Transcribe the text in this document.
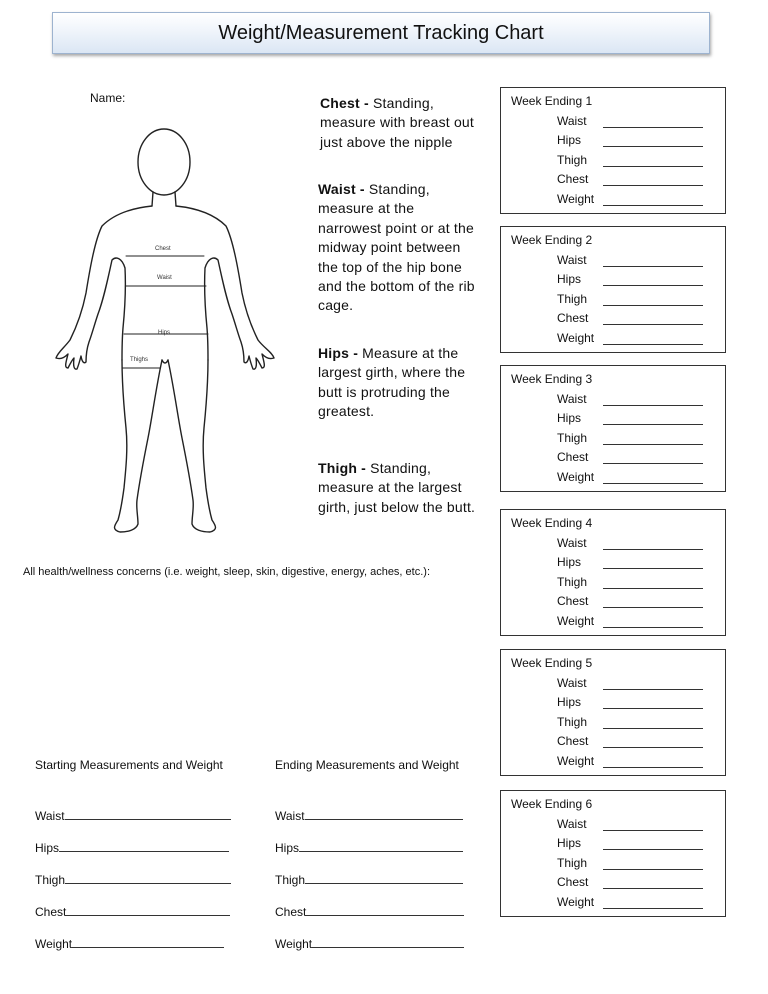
Weight/Measurement Tracking Chart
Name:
Chest
Waist
Hips
Thighs
Chest - Standing, measure with breast out just above the nipple
Waist - Standing, measure at the narrowest point or at the midway point between the top of the hip bone and the bottom of the rib cage.
Hips - Measure at the largest girth, where the butt is protruding the greatest.
Thigh - Standing, measure at the largest girth, just below the butt.
All health/wellness concerns (i.e. weight, sleep, skin, digestive, energy, aches, etc.):
Week Ending 1
Waist
Hips
Thigh
Chest
Weight
Week Ending 2
Waist
Hips
Thigh
Chest
Weight
Week Ending 3
Waist
Hips
Thigh
Chest
Weight
Week Ending 4
Waist
Hips
Thigh
Chest
Weight
Week Ending 5
Waist
Hips
Thigh
Chest
Weight
Week Ending 6
Waist
Hips
Thigh
Chest
Weight
Starting Measurements and Weight
Waist
Hips
Thigh
Chest
Weight
Ending Measurements and Weight
Waist
Hips
Thigh
Chest
Weight
